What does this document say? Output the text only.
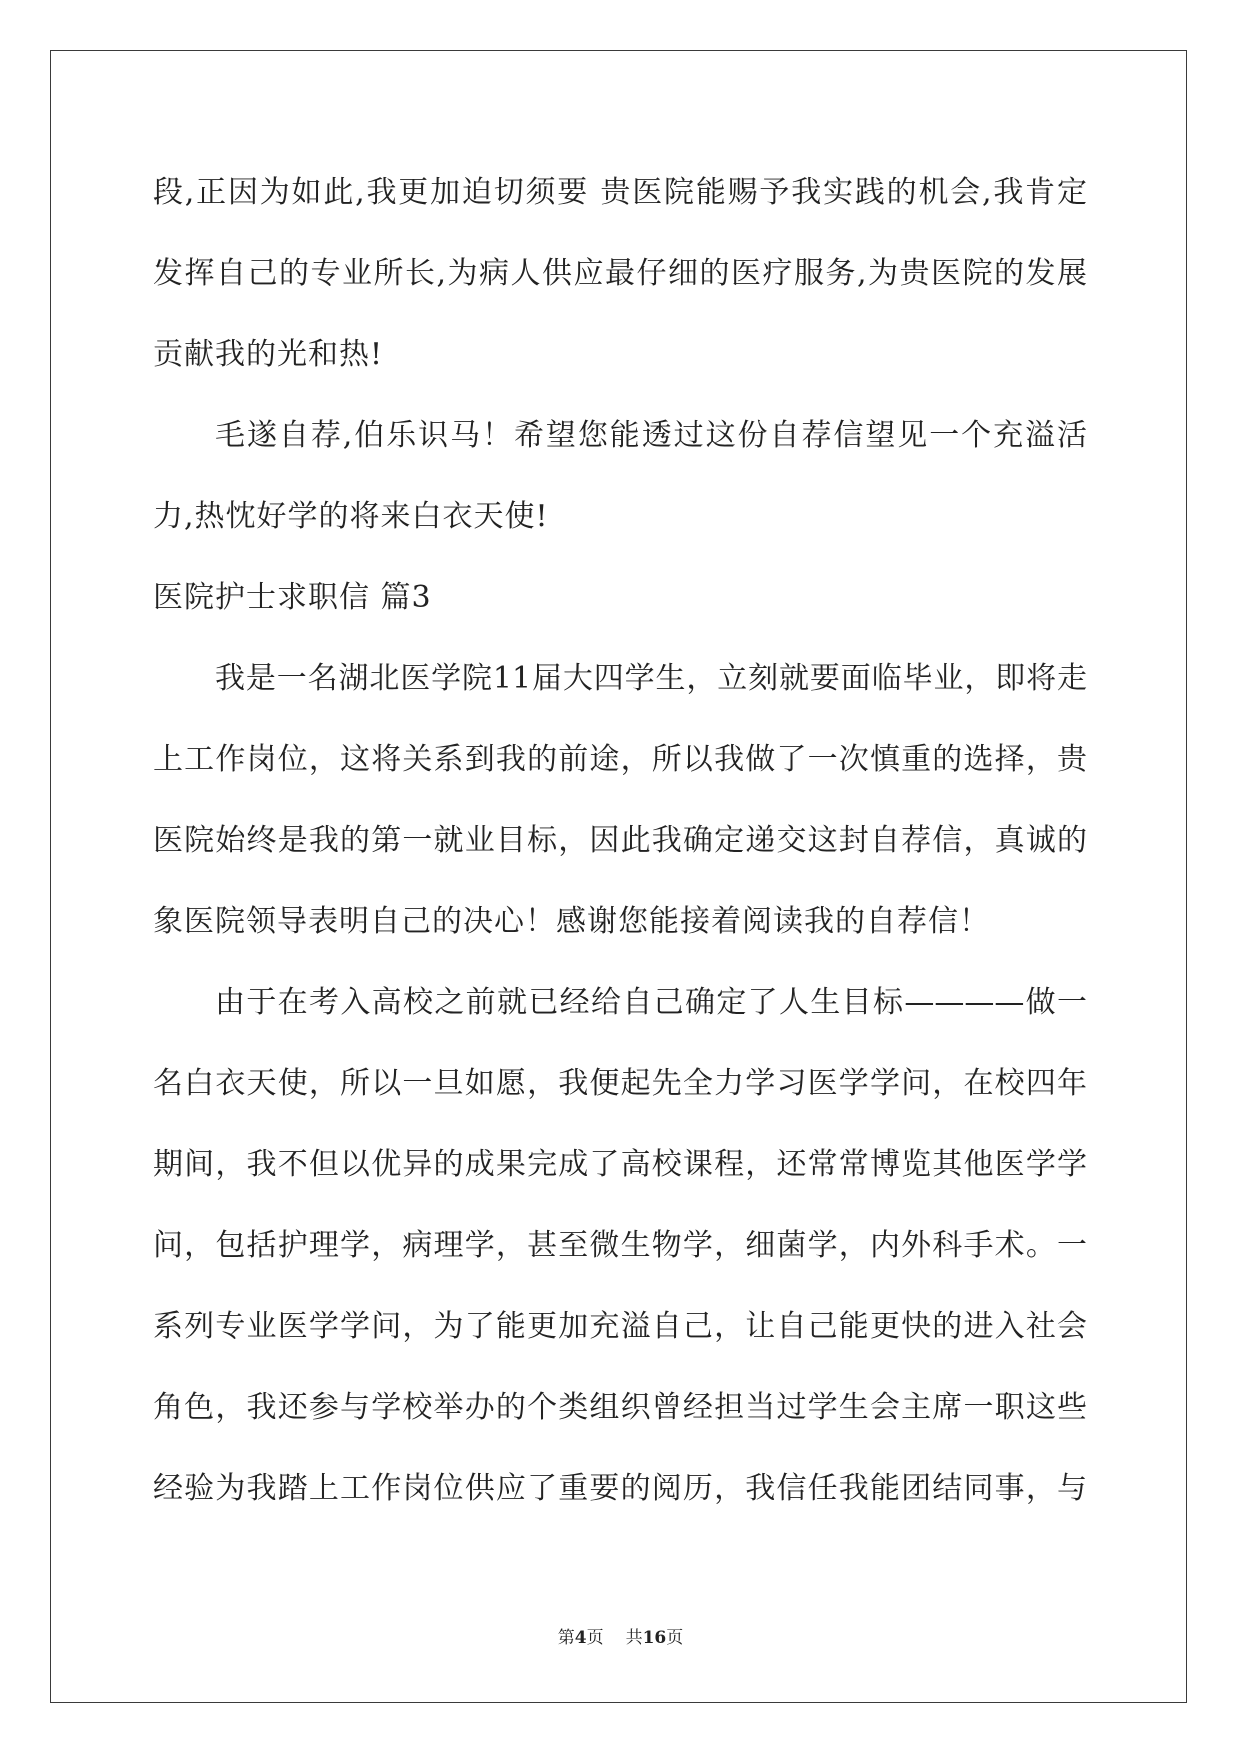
段,正因为如此,我更加迫切须要 贵医院能赐予我实践的机会,我肯定
发挥自己的专业所长,为病人供应最仔细的医疗服务,为贵医院的发展
贡献我的光和热!
毛遂自荐,伯乐识马！希望您能透过这份自荐信望见一个充溢活
力,热忱好学的将来白衣天使!
医院护士求职信 篇3
我是一名湖北医学院11届大四学生，立刻就要面临毕业，即将走
上工作岗位，这将关系到我的前途，所以我做了一次慎重的选择，贵
医院始终是我的第一就业目标，因此我确定递交这封自荐信，真诚的
象医院领导表明自己的决心！感谢您能接着阅读我的自荐信！
由于在考入高校之前就已经给自己确定了人生目标————做一
名白衣天使，所以一旦如愿，我便起先全力学习医学学问，在校四年
期间，我不但以优异的成果完成了高校课程，还常常博览其他医学学
问，包括护理学，病理学，甚至微生物学，细菌学，内外科手术。一
系列专业医学学问，为了能更加充溢自己，让自己能更快的进入社会
角色，我还参与学校举办的个类组织曾经担当过学生会主席一职这些
经验为我踏上工作岗位供应了重要的阅历，我信任我能团结同事，与
第4页 共16页
